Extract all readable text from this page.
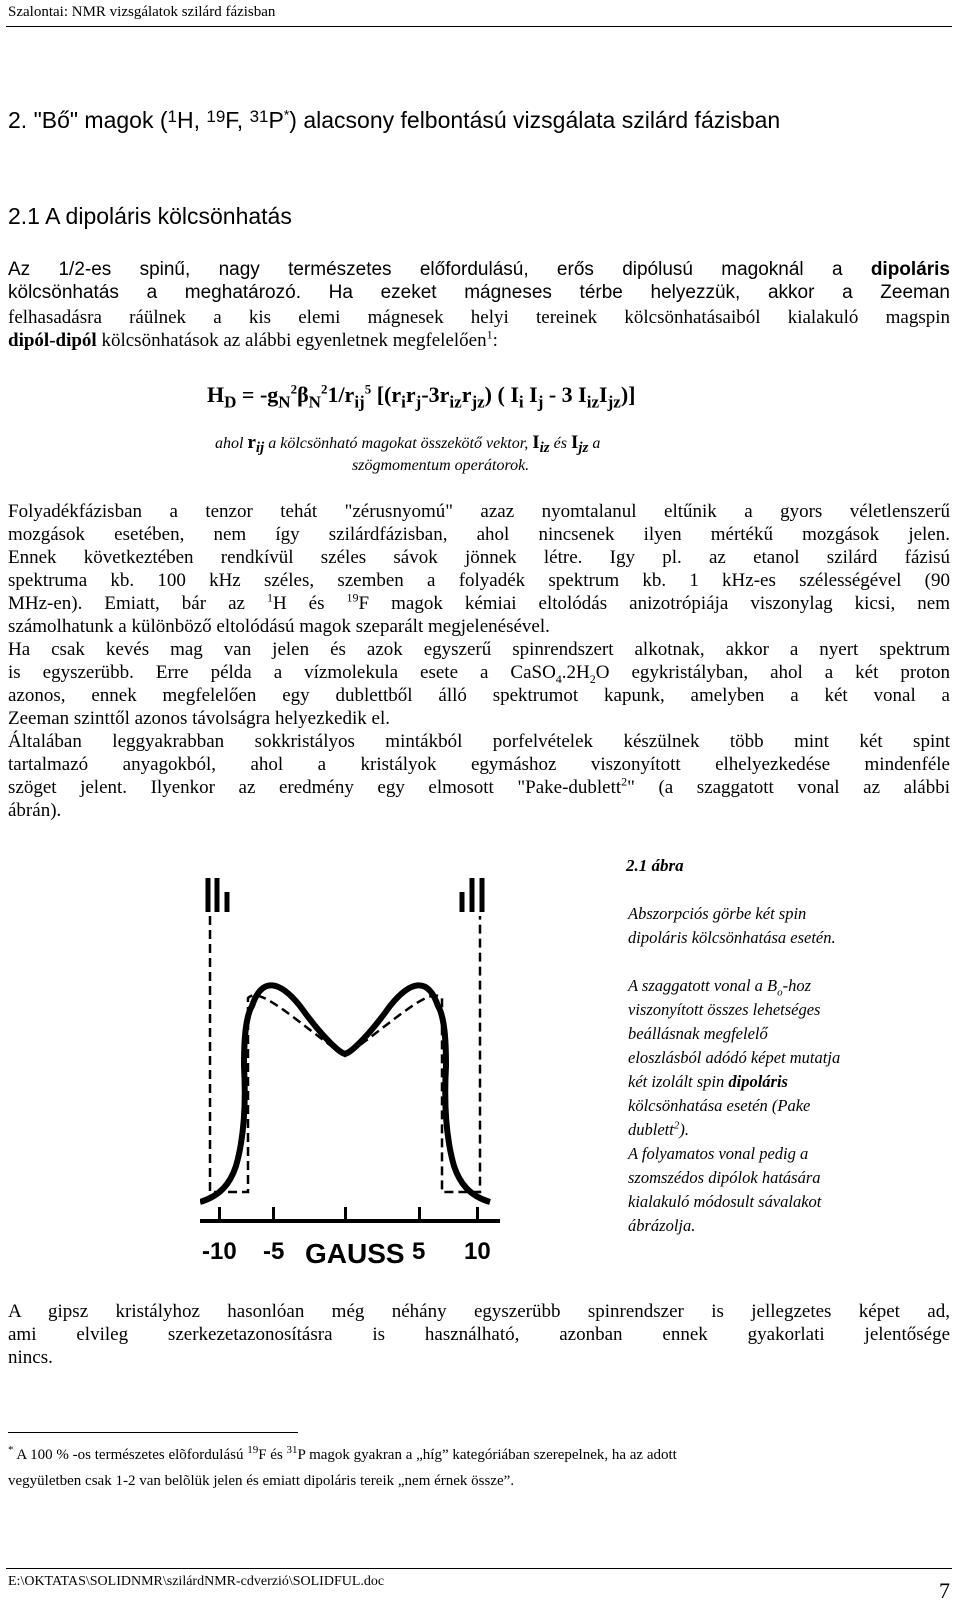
Szalontai: NMR vizsgálatok szilárd fázisban
2. "Bő" magok ($^1$H, $^{19}$F, $^{31}$P*) alacsony felbontású vizsgálata szilárd fázisban
2.1 A dipoláris kölcsönhatás
Az 1/2-es spinű, nagy természetes előfordulású, erős dipólusú magoknál a dipoláris
kölcsönhatás a meghatározó. Ha ezeket mágneses térbe helyezzük, akkor a Zeeman
felhasadásra ráülnek a kis elemi mágnesek helyi tereinek kölcsönhatásaiból kialakuló magspin
dipól-dipól kölcsönhatások az alábbi egyenletnek megfelelően$^1$:
$H_D = -g_N^2\beta_N^21/r_{ij}^5$ [$(r_ir_j-3r_{iz}r_{jz})$ ( $I_i$ $I_j - 3$ $I_{iz}I_{jz}$)]
ahol $r_{ij}$ a kölcsönható magokat összekötő vektor, $I_{iz}$ és $I_{jz}$ a
szögmomentum operátorok.
Folyadékfázisban a tenzor tehát "zérusnyomú" azaz nyomtalanul eltűnik a gyors véletlenszerű
mozgások esetében, nem így szilárdfázisban, ahol nincsenek ilyen mértékű mozgások jelen.
Ennek következtében rendkívül széles sávok jönnek létre. Igy pl. az etanol szilárd fázisú
spektruma kb. 100 kHz széles, szemben a folyadék spektrum kb. 1 kHz-es szélességével (90
MHz-en). Emiatt, bár az $^1$H és $^{19}$F magok kémiai eltolódás anizotrópiája viszonylag kicsi, nem
számolhatunk a különböző eltolódású magok szeparált megjelenésével.
Ha csak kevés mag van jelen és azok egyszerű spinrendszert alkotnak, akkor a nyert spektrum
is egyszerübb. Erre példa a vízmolekula esete a $CaSO_4.2H_2O$ egykristályban, ahol a két proton
azonos, ennek megfelelően egy dublettből álló spektrumot kapunk, amelyben a két vonal a
Zeeman szinttől azonos távolságra helyezkedik el.
Általában leggyakrabban sokkristályos mintákból porfelvételek készülnek több mint két spint
tartalmazó anyagokból, ahol a kristályok egymáshoz viszonyított elhelyezkedése mindenféle
szöget jelent. Ilyenkor az eredmény egy elmosott "Pake-dublett$^2$" (a szaggatott vonal az alábbi
ábrán).
-10 -5 GAUSS 5 10
2.1 ábra
Abszorpciós görbe két spin
dipoláris kölcsönhatása esetén.
A szaggatott vonal a $B_o$-hoz
viszonyított összes lehetséges
beállásnak megfelelő
eloszlásból adódó képet mutatja
két izolált spin dipoláris
kölcsönhatása esetén (Pake
dublett$^2$).
A folyamatos vonal pedig a
szomszédos dipólok hatására
kialakuló módosult sávalakot
ábrázolja.
A gipsz kristályhoz hasonlóan még néhány egyszerübb spinrendszer is jellegzetes képet ad,
ami elvileg szerkezetazonosításra is használható, azonban ennek gyakorlati jelentősége
nincs.
* A 100 % -os természetes elõfordulású $^{19}$F és $^{31}$P magok gyakran a „híg” kategóriában szerepelnek, ha az adott
vegyületben csak 1-2 van belõlük jelen és emiatt dipoláris tereik „nem érnek össze”.
E:\OKTATAS\SOLIDNMR\szilárdNMR-cdverzió\SOLIDFUL.doc	7
